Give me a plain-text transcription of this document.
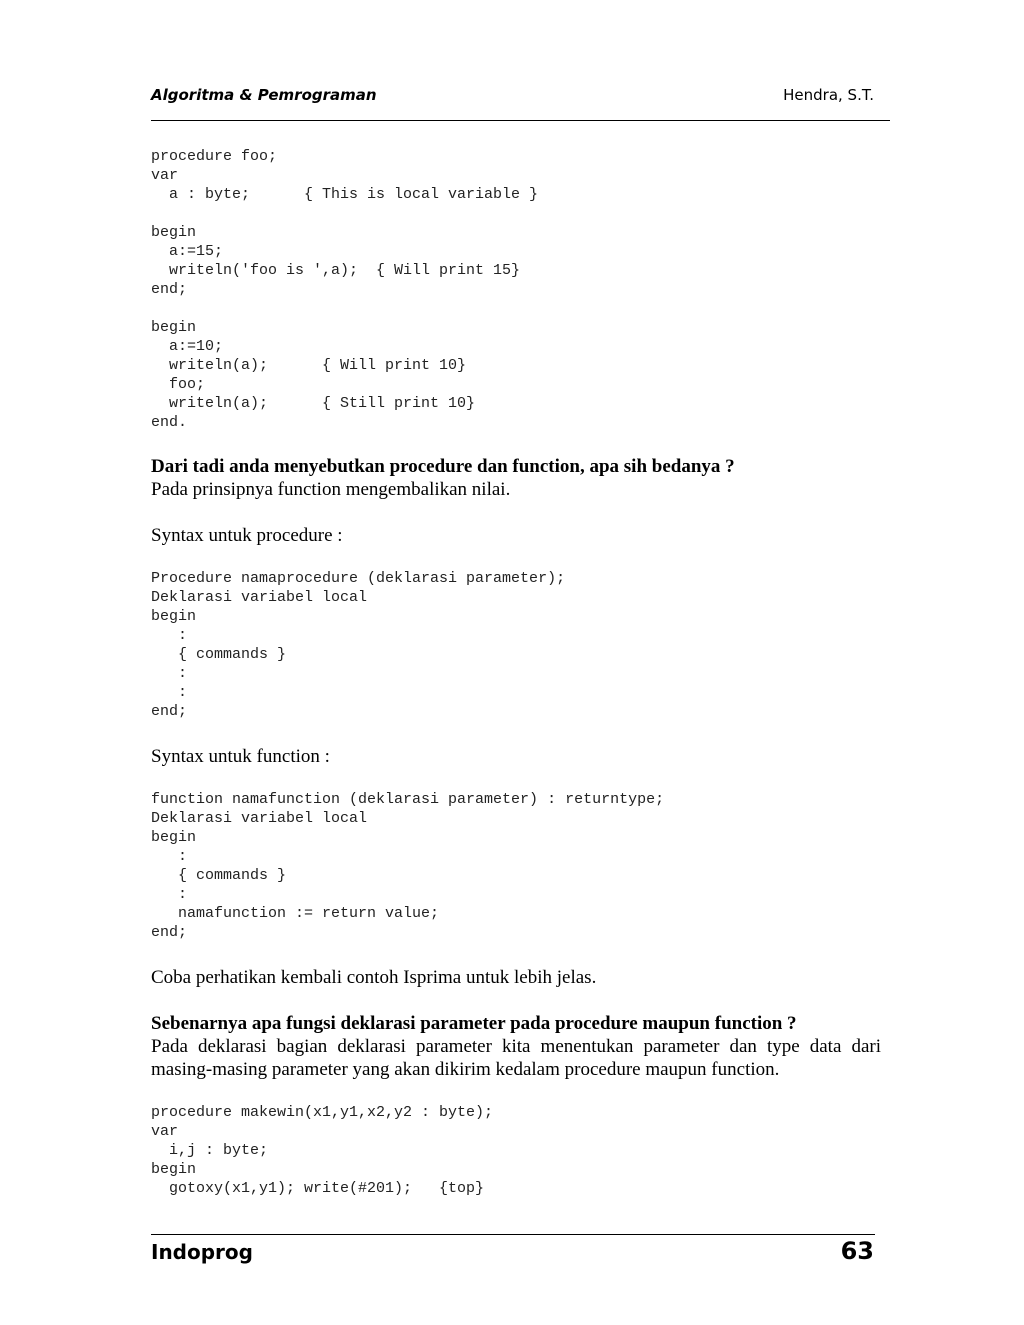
Algoritma & Pemrograman	Hendra, S.T.
procedure foo;
var
a : byte;      { This is local variable }

begin
a:=15;
writeln('foo is ',a);  { Will print 15}
end;

begin
a:=10;
writeln(a);      { Will print 10}
foo;
writeln(a);      { Still print 10}
end.

Dari tadi anda menyebutkan procedure dan function, apa sih bedanya ?

Pada prinsipnya function mengembalikan nilai.

Syntax untuk procedure :

Procedure namaprocedure (deklarasi parameter);
Deklarasi variabel local
begin
:
{ commands }
:
:
end;

Syntax untuk function :

function namafunction (deklarasi parameter) : returntype;
Deklarasi variabel local
begin
:
{ commands }
:
namafunction := return value;
end;

Coba perhatikan kembali contoh Isprima untuk lebih jelas.

Sebenarnya apa fungsi deklarasi parameter pada procedure maupun function ?

Pada deklarasi bagian deklarasi parameter kita menentukan parameter dan type data dari masing-masing parameter yang akan dikirim kedalam procedure maupun function.

procedure makewin(x1,y1,x2,y2 : byte);
var
i,j : byte;
begin
gotoxy(x1,y1); write(#201);   {top}
Indoprog	63
